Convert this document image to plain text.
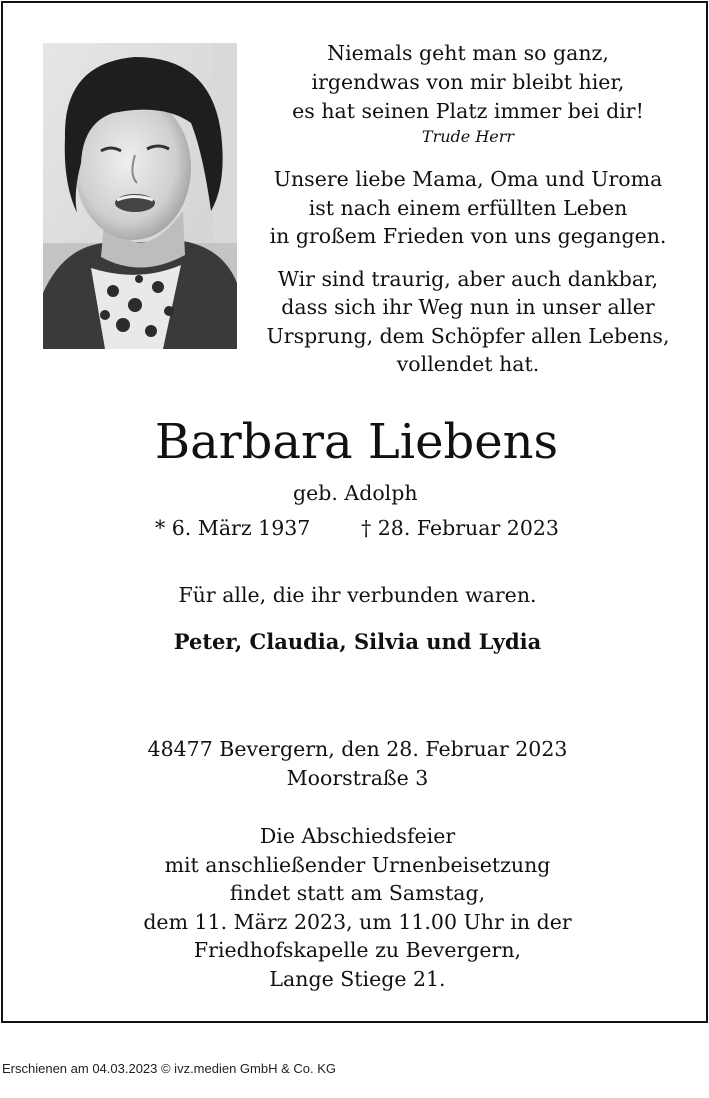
Niemals geht man so ganz,
irgendwas von mir bleibt hier,
es hat seinen Platz immer bei dir!
Trude Herr
Unsere liebe Mama, Oma und Uroma
ist nach einem erfüllten Leben
in großem Frieden von uns gegangen.
Wir sind traurig, aber auch dankbar,
dass sich ihr Weg nun in unser aller
Ursprung, dem Schöpfer allen Lebens,
vollendet hat.
Barbara Liebens
geb. Adolph
* 6. März 1937 † 28. Februar 2023
Für alle, die ihr verbunden waren.
Peter, Claudia, Silvia und Lydia
48477 Bevergern, den 28. Februar 2023
Moorstraße 3
Die Abschiedsfeier
mit anschließender Urnenbeisetzung
findet statt am Samstag,
dem 11. März 2023, um 11.00 Uhr in der
Friedhofskapelle zu Bevergern,
Lange Stiege 21.
Erschienen am 04.03.2023 © ivz.medien GmbH & Co. KG
